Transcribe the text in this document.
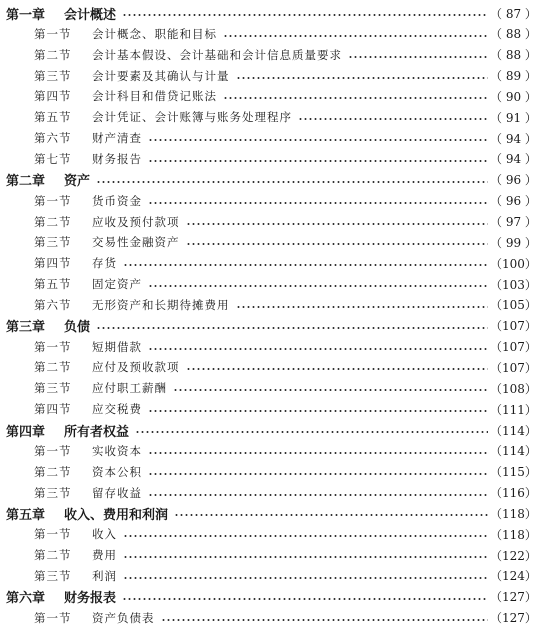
第一章 会计概述	（ 87 ）
第一节 会计概念、职能和目标	（ 88 ）
第二节 会计基本假设、会计基础和会计信息质量要求	（ 88 ）
第三节 会计要素及其确认与计量	（ 89 ）
第四节 会计科目和借贷记账法	（ 90 ）
第五节 会计凭证、会计账簿与账务处理程序	（ 91 ）
第六节 财产清查	（ 94 ）
第七节 财务报告	（ 94 ）
第二章 资产	（ 96 ）
第一节 货币资金	（ 96 ）
第二节 应收及预付款项	（ 97 ）
第三节 交易性金融资产	（ 99 ）
第四节 存货	（100）
第五节 固定资产	（103）
第六节 无形资产和长期待摊费用	（105）
第三章 负债	（107）
第一节 短期借款	（107）
第二节 应付及预收款项	（107）
第三节 应付职工薪酬	（108）
第四节 应交税费	（111）
第四章 所有者权益	（114）
第一节 实收资本	（114）
第二节 资本公积	（115）
第三节 留存收益	（116）
第五章 收入、费用和利润	（118）
第一节 收入	（118）
第二节 费用	（122）
第三节 利润	（124）
第六章 财务报表	（127）
第一节 资产负债表	（127）
